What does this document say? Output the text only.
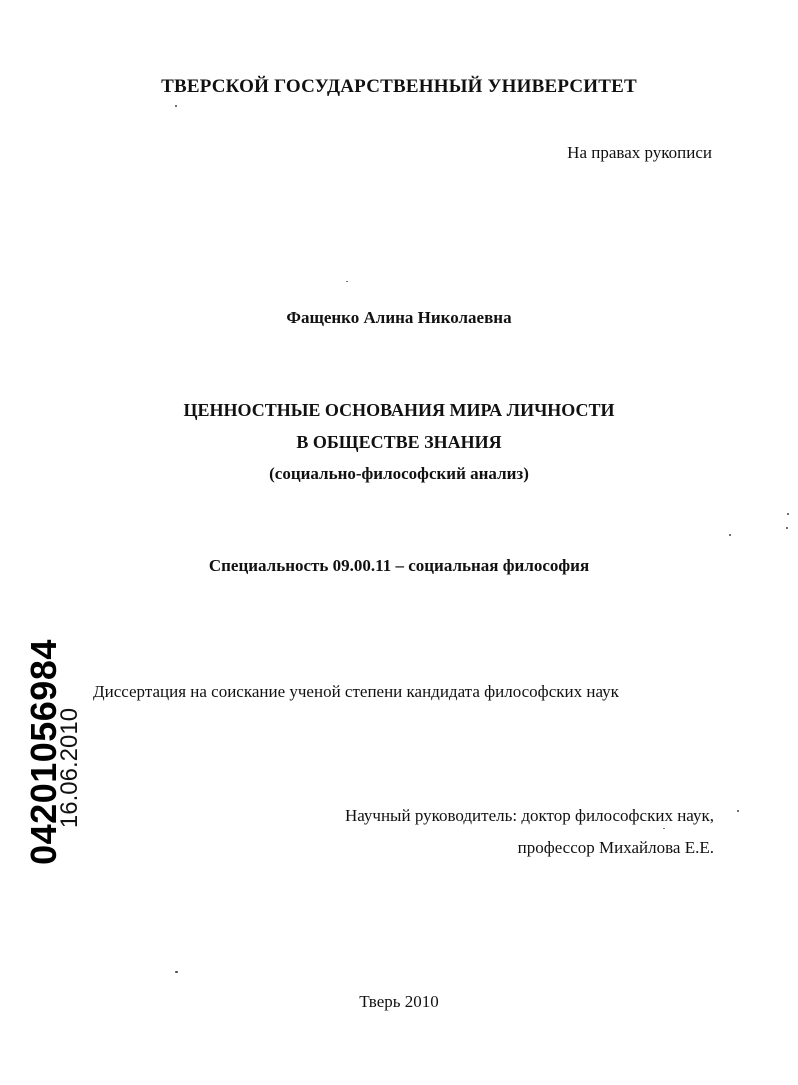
ТВЕРСКОЙ ГОСУДАРСТВЕННЫЙ УНИВЕРСИТЕТ
На правах рукописи
Фащенко Алина Николаевна
ЦЕННОСТНЫЕ ОСНОВАНИЯ МИРА ЛИЧНОСТИ
В ОБЩЕСТВЕ ЗНАНИЯ
(социально-философский анализ)
Специальность 09.00.11 – социальная философия
Диссертация на соискание ученой степени кандидата философских наук
Научный руководитель: доктор философских наук,
профессор Михайлова Е.Е.
Тверь 2010
04201056984
16.06.2010
